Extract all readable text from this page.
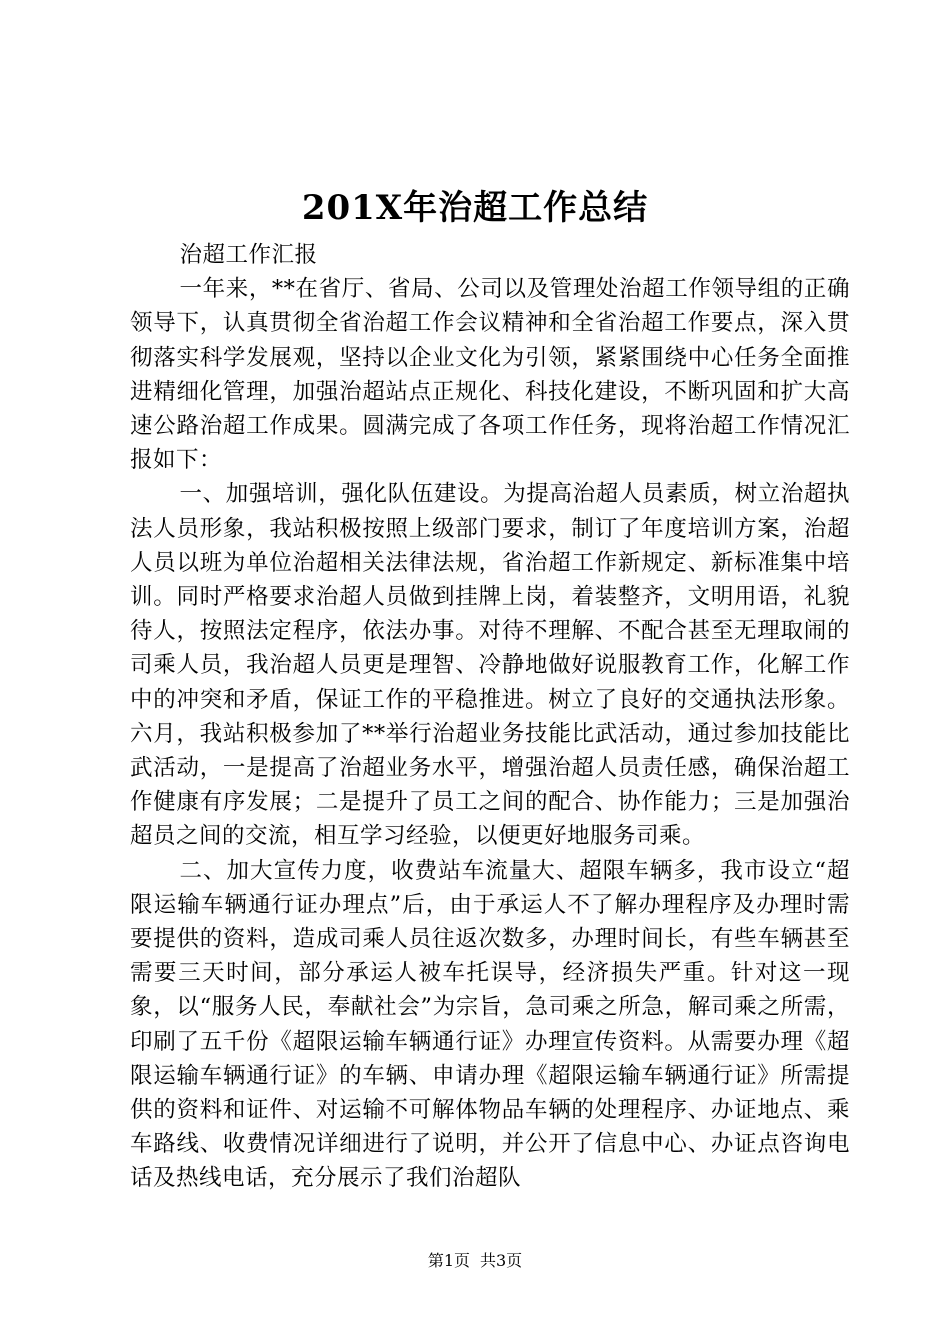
201X年治超工作总结

治超工作汇报

一年来，**在省厅、省局、公司以及管理处治超工作领导组的正确领导下，认真贯彻全省治超工作会议精神和全省治超工作要点，深入贯彻落实科学发展观，坚持以企业文化为引领，紧紧围绕中心任务全面推进精细化管理，加强治超站点正规化、科技化建设，不断巩固和扩大高速公路治超工作成果。圆满完成了各项工作任务，现将治超工作情况汇报如下：

一、加强培训，强化队伍建设。为提高治超人员素质，树立治超执法人员形象，我站积极按照上级部门要求，制订了年度培训方案，治超人员以班为单位治超相关法律法规，省治超工作新规定、新标准集中培训。同时严格要求治超人员做到挂牌上岗，着装整齐，文明用语，礼貌待人，按照法定程序，依法办事。对待不理解、不配合甚至无理取闹的司乘人员，我治超人员更是理智、冷静地做好说服教育工作，化解工作中的冲突和矛盾，保证工作的平稳推进。树立了良好的交通执法形象。六月，我站积极参加了**举行治超业务技能比武活动，通过参加技能比武活动，一是提高了治超业务水平，增强治超人员责任感，确保治超工作健康有序发展；二是提升了员工之间的配合、协作能力；三是加强治超员之间的交流，相互学习经验，以便更好地服务司乘。

二、加大宣传力度，收费站车流量大、超限车辆多，我市设立“超限运输车辆通行证办理点”后，由于承运人不了解办理程序及办理时需要提供的资料，造成司乘人员往返次数多，办理时间长，有些车辆甚至需要三天时间，部分承运人被车托误导，经济损失严重。针对这一现象，以“服务人民，奉献社会”为宗旨，急司乘之所急，解司乘之所需，印刷了五千份《超限运输车辆通行证》办理宣传资料。从需要办理《超限运输车辆通行证》的车辆、申请办理《超限运输车辆通行证》所需提供的资料和证件、对运输不可解体物品车辆的处理程序、办证地点、乘车路线、收费情况详细进行了说明，并公开了信息中心、办证点咨询电话及热线电话，充分展示了我们治超队

第1页 共3页
